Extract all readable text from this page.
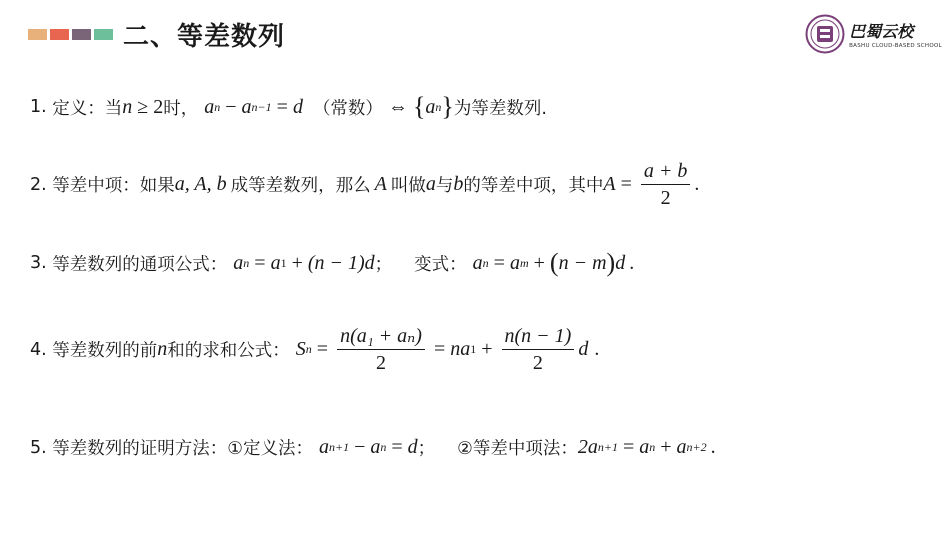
二、等差数列	巴蜀云校
BASHU CLOUD-BASED SCHOOL
1 . 定义：当 n ≥ 2 时， a n − a n−1 = d （常数） ⇔ { a n } 为等差数列.
2 . 等差中项：如果 a, A, b 成等差数列，那么 A 叫做 a 与 b 的等差中项，其中 $A = \frac{a + b}{2}$ .
3 . 等差数列的通项公式： a n = a 1 + (n − 1)d ； 变式： a n = a m + ( n − m ) d .
4 . 等差数列的前 n 和的求和公式： S $n = \frac{\text{n(a₁ + aₙ)}}{2}$ = na $1 + \frac{n(n - 1)}{2}$ d .
5 . 等差数列的证明方法： ①定义法： a n+1 − a n = d ； ②等差中项法： 2a n+1 = a n + a n+2 .
